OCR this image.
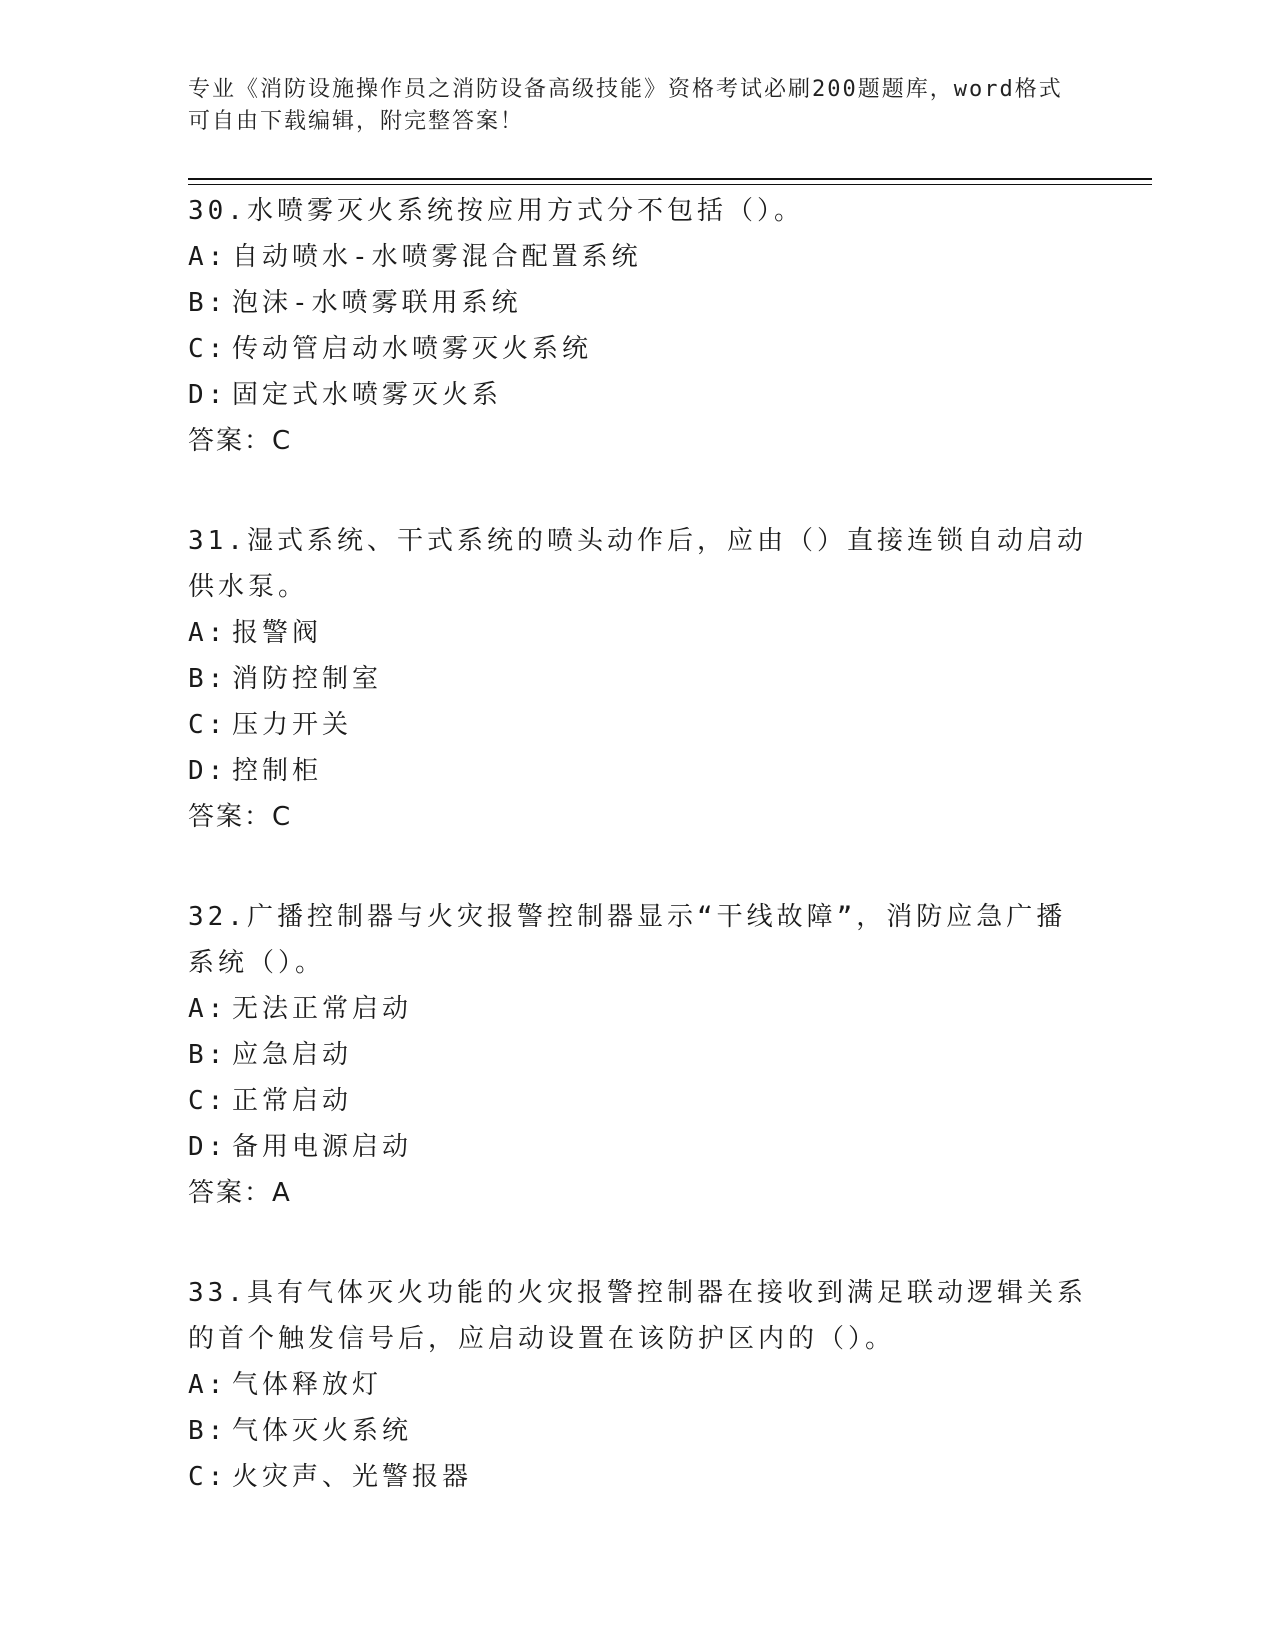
专业《消防设施操作员之消防设备高级技能》资格考试必刷200题题库，word格式可自由下载编辑，附完整答案！
30.水喷雾灭火系统按应用方式分不包括（）。
A: 自动喷水-水喷雾混合配置系统
B: 泡沫-水喷雾联用系统
C: 传动管启动水喷雾灭火系统
D: 固定式水喷雾灭火系
答案：C
31.湿式系统、干式系统的喷头动作后，应由（）直接连锁自动启动供水泵。
A: 报警阀
B: 消防控制室
C: 压力开关
D: 控制柜
答案：C
32.广播控制器与火灾报警控制器显示“干线故障”，消防应急广播系统（）。
A: 无法正常启动
B: 应急启动
C: 正常启动
D: 备用电源启动
答案：A
33.具有气体灭火功能的火灾报警控制器在接收到满足联动逻辑关系的首个触发信号后，应启动设置在该防护区内的（）。
A: 气体释放灯
B: 气体灭火系统
C: 火灾声、光警报器
